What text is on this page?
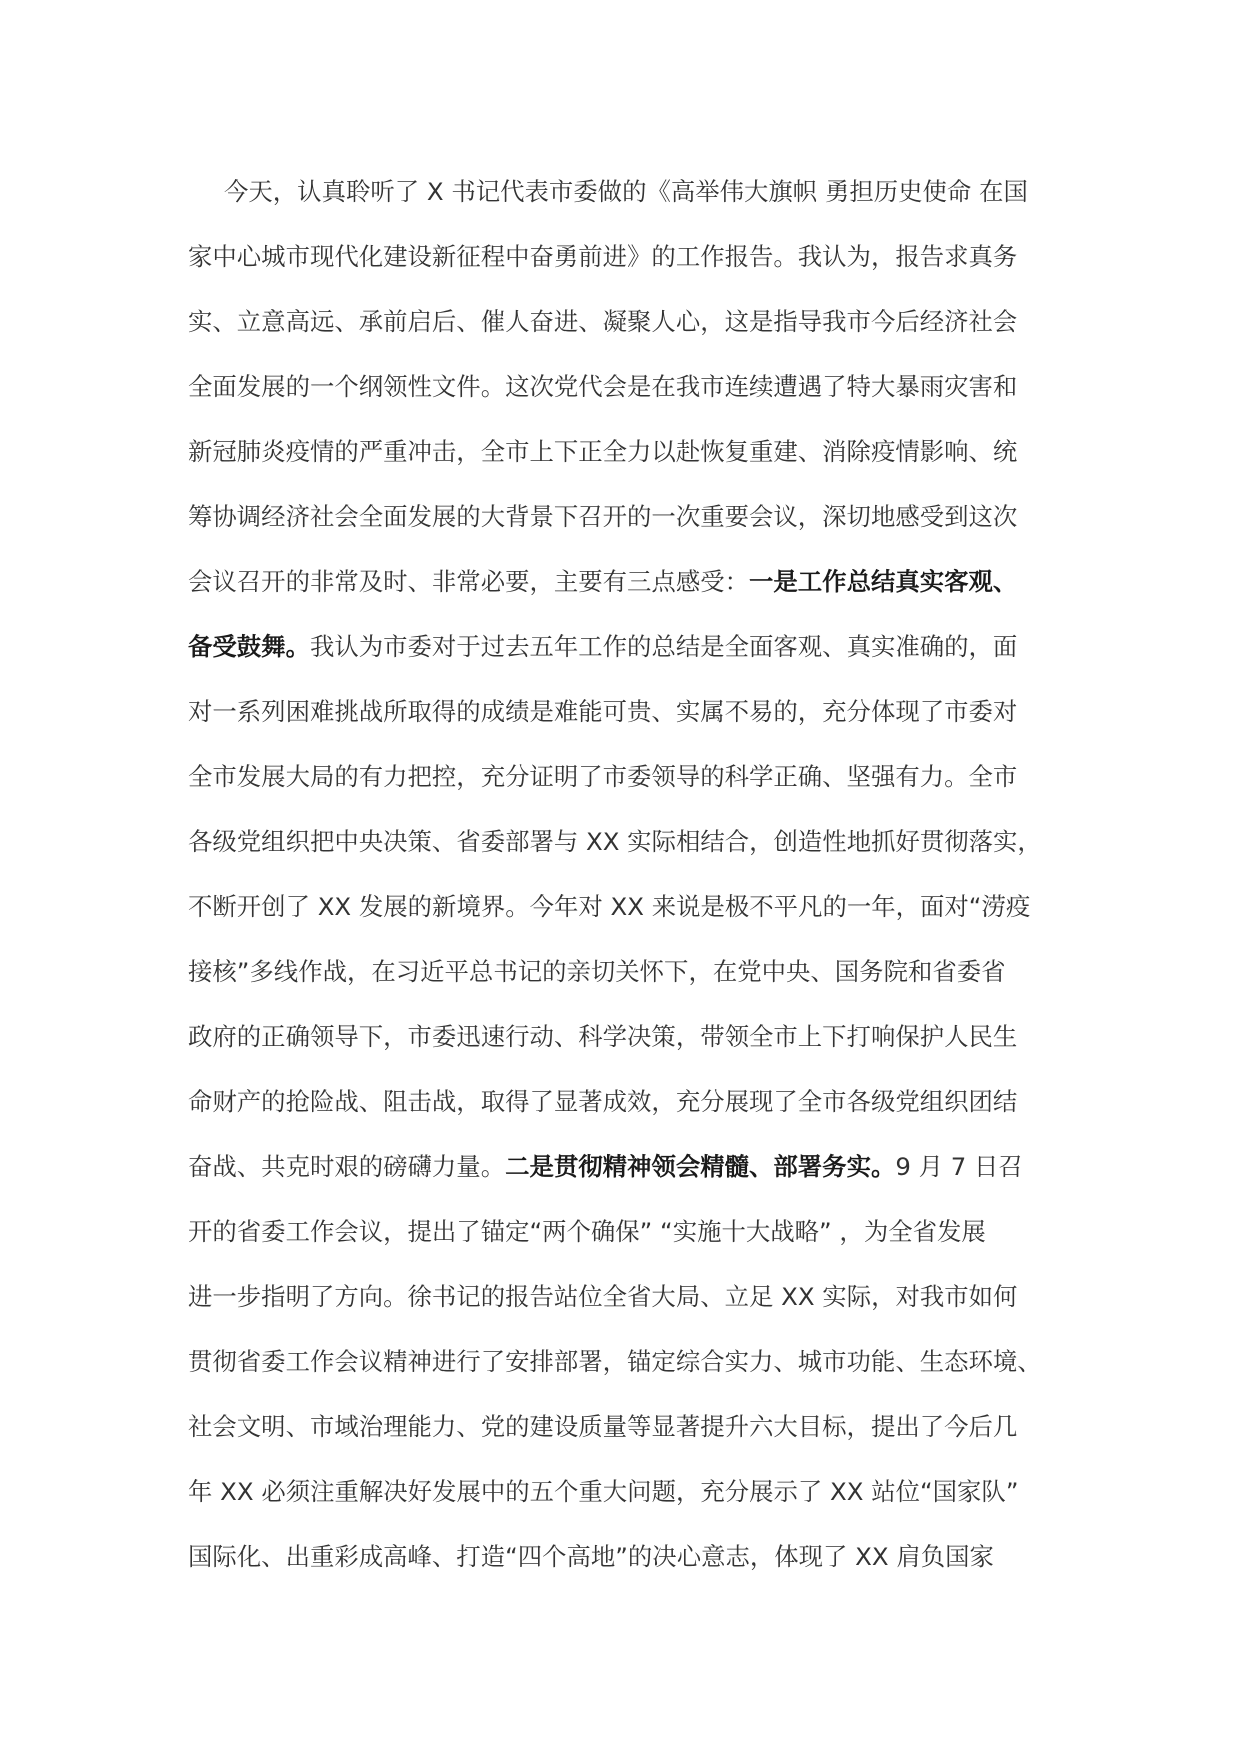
今天，认真聆听了 X 书记代表市委做的《高举伟大旗帜 勇担历史使命 在国
家中心城市现代化建设新征程中奋勇前进》的工作报告。我认为，报告求真务
实、立意高远、承前启后、催人奋进、凝聚人心，这是指导我市今后经济社会
全面发展的一个纲领性文件。这次党代会是在我市连续遭遇了特大暴雨灾害和
新冠肺炎疫情的严重冲击，全市上下正全力以赴恢复重建、消除疫情影响、统
筹协调经济社会全面发展的大背景下召开的一次重要会议，深切地感受到这次
会议召开的非常及时、非常必要，主要有三点感受：一是工作总结真实客观、
备受鼓舞。我认为市委对于过去五年工作的总结是全面客观、真实准确的，面
对一系列困难挑战所取得的成绩是难能可贵、实属不易的，充分体现了市委对
全市发展大局的有力把控，充分证明了市委领导的科学正确、坚强有力。全市
各级党组织把中央决策、省委部署与 XX 实际相结合，创造性地抓好贯彻落实，
不断开创了 XX 发展的新境界。今年对 XX 来说是极不平凡的一年，面对“涝疫
接核”多线作战，在习近平总书记的亲切关怀下，在党中央、国务院和省委省
政府的正确领导下，市委迅速行动、科学决策，带领全市上下打响保护人民生
命财产的抢险战、阻击战，取得了显著成效，充分展现了全市各级党组织团结
奋战、共克时艰的磅礴力量。二是贯彻精神领会精髓、部署务实。9 月 7 日召
开的省委工作会议，提出了锚定“两个确保” “实施十大战略” ，为全省发展
进一步指明了方向。徐书记的报告站位全省大局、立足 XX 实际，对我市如何
贯彻省委工作会议精神进行了安排部署，锚定综合实力、城市功能、生态环境、
社会文明、市域治理能力、党的建设质量等显著提升六大目标，提出了今后几
年 XX 必须注重解决好发展中的五个重大问题，充分展示了 XX 站位“国家队”
国际化、出重彩成高峰、打造“四个高地”的决心意志，体现了 XX 肩负国家
